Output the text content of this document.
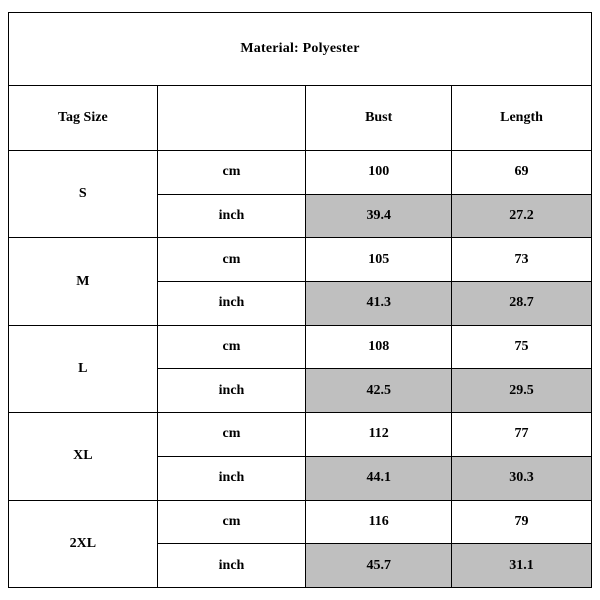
Material: Polyester			
Tag Size		Bust	Length
S	cm	100	69
	inch	39.4	27.2
M	cm	105	73
	inch	41.3	28.7
L	cm	108	75
	inch	42.5	29.5
XL	cm	112	77
	inch	44.1	30.3
2XL	cm	116	79
	inch	45.7	31.1
